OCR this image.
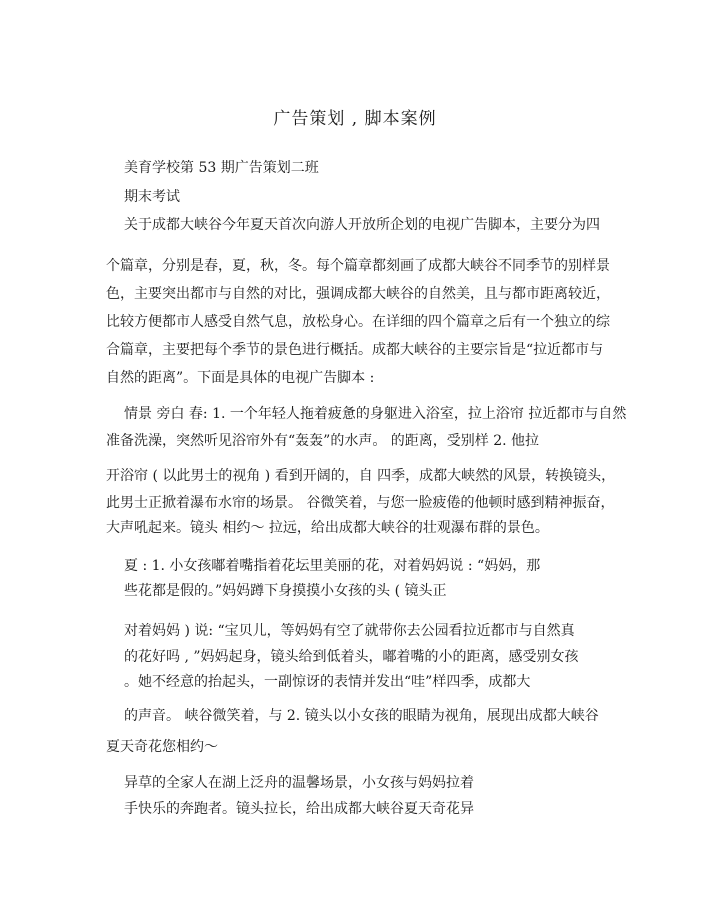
广告策划 , 脚本案例
美育学校第 53 期广告策划二班
期末考试
关于成都大峡谷今年夏天首次向游人开放所企划的电视广告脚本，主要分为四
个篇章，分别是春，夏，秋，冬。每个篇章都刻画了成都大峡谷不同季节的别样景
色，主要突出都市与自然的对比，强调成都大峡谷的自然美，且与都市距离较近，
比较方便都市人感受自然气息，放松身心。在详细的四个篇章之后有一个独立的综
合篇章，主要把每个季节的景色进行概括。成都大峡谷的主要宗旨是“拉近都市与
自然的距离”。下面是具体的电视广告脚本 :
情景 旁白 春: 1. 一个年轻人拖着疲惫的身躯进入浴室，拉上浴帘 拉近都市与自然
准备洗澡，突然听见浴帘外有“轰轰”的水声。 的距离，受别样 2. 他拉
开浴帘 ( 以此男士的视角 ) 看到开阔的，自 四季，成都大峡然的风景，转换镜头，
此男士正掀着瀑布水帘的场景。 谷微笑着，与您一脸疲倦的他顿时感到精神振奋，
大声吼起来。镜头 相约～ 拉远，给出成都大峡谷的壮观瀑布群的景色。
夏 : 1. 小女孩嘟着嘴指着花坛里美丽的花，对着妈妈说 : “妈妈，那
些花都是假的。”妈妈蹲下身摸摸小女孩的头 ( 镜头正
对着妈妈 ) 说: “宝贝儿，等妈妈有空了就带你去公园看拉近都市与自然真
的花好吗 , ”妈妈起身，镜头给到低着头，嘟着嘴的小的距离，感受别女孩
。她不经意的抬起头，一副惊讶的表情并发出“哇”样四季，成都大
的声音。 峡谷微笑着，与 2. 镜头以小女孩的眼睛为视角，展现出成都大峡谷
夏天奇花您相约～
异草的全家人在湖上泛舟的温馨场景，小女孩与妈妈拉着
手快乐的奔跑者。镜头拉长，给出成都大峡谷夏天奇花异
